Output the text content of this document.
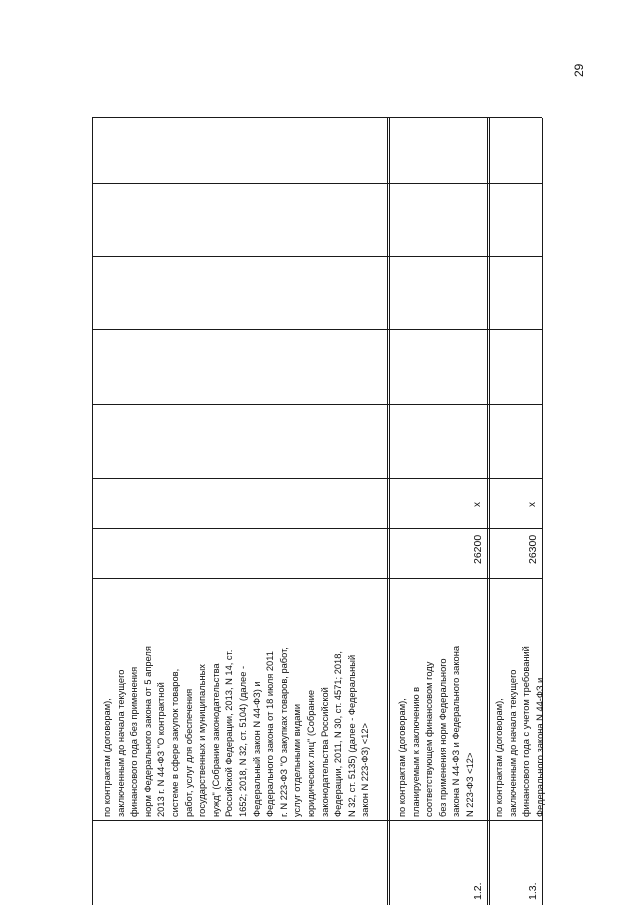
29

по контрактам (договорам), заключенным до начала текущего финансового года без применения норм Федерального закона от 5 апреля 2013 г. N 44-ФЗ "О контрактной системе в сфере закупок товаров, работ, услуг для обеспечения государственных и муниципальных нужд" (Собрание законодательства Российской Федерации, 2013, N 14, ст. 1652; 2018, N 32, ст. 5104) (далее - Федеральный закон N 44-ФЗ) и Федерального закона от 18 июля 2011 г. N 223-ФЗ "О закупках товаров, работ, услуг отдельными видами юридических лиц" (Собрание законодательства Российской Федерации, 2011, N 30, ст. 4571; 2018, N 32, ст. 5135) (далее - Федеральный закон N 223-ФЗ) <12>

1.2.

по контрактам (договорам), планируемым к заключению в соответствующем финансовом году без применения норм Федерального закона N 44-ФЗ и Федерального закона N 223-ФЗ <12>

26200
x
1.3.

по контрактам (договорам), заключенным до начала текущего финансового года с учетом требований Федерального закона N 44-ФЗ и

26300
x
